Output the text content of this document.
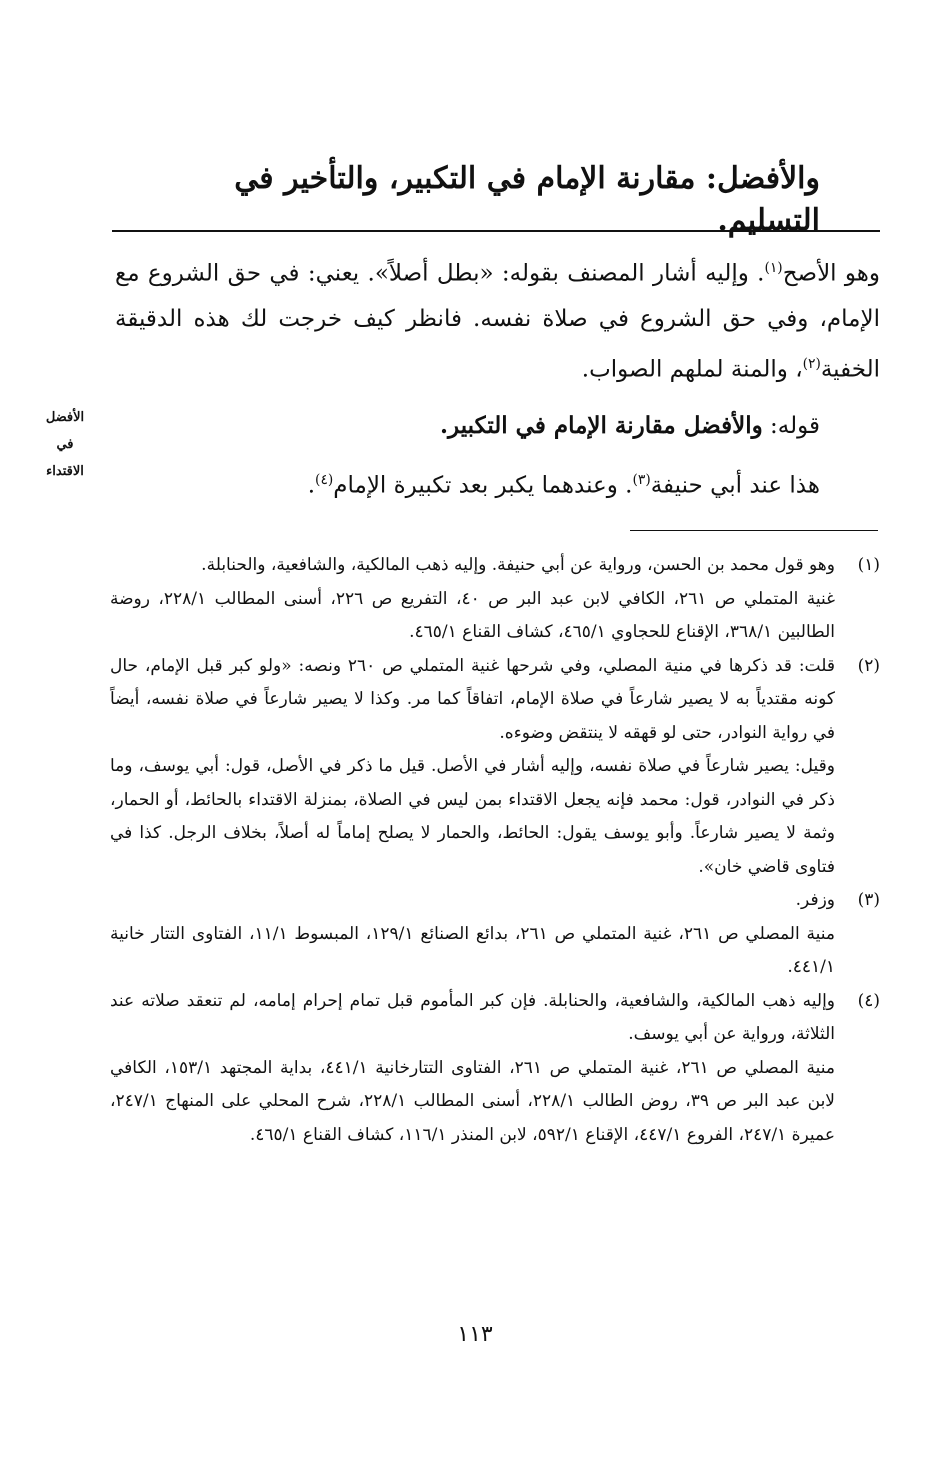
والأفضل: مقارنة الإمام في التكبير، والتأخير في التسليم.
وهو الأصح$^{(١)}$. وإليه أشار المصنف بقوله: «بطل أصلاً». يعني: في حق الشروع مع الإمام، وفي حق الشروع في صلاة نفسه. فانظر كيف خرجت لك هذه الدقيقة الخفية$^{(٢)}$، والمنة لملهم الصواب.
قوله: والأفضل مقارنة الإمام في التكبير.
هذا عند أبي حنيفة$^{(٣)}$. وعندهما يكبر بعد تكبيرة الإمام$^{(٤)}$.
الأفضل
في
الاقتداء
(١)
وهو قول محمد بن الحسن، ورواية عن أبي حنيفة. وإليه ذهب المالكية، والشافعية، والحنابلة.
غنية المتملي ص ٢٦١، الكافي لابن عبد البر ص ٤٠، التفريع ص ٢٢٦، أسنى المطالب ٢٢٨/١، روضة الطالبين ٣٦٨/١، الإقناع للحجاوي ٤٦٥/١، كشاف القناع ٤٦٥/١.
(٢)
قلت: قد ذكرها في منية المصلي، وفي شرحها غنية المتملي ص ٢٦٠ ونصه: «ولو كبر قبل الإمام، حال كونه مقتدياً به لا يصير شارعاً في صلاة الإمام، اتفاقاً كما مر. وكذا لا يصير شارعاً في صلاة نفسه، أيضاً في رواية النوادر، حتى لو قهقه لا ينتقض وضوءه.
وقيل: يصير شارعاً في صلاة نفسه، وإليه أشار في الأصل. قيل ما ذكر في الأصل، قول: أبي يوسف، وما ذكر في النوادر، قول: محمد فإنه يجعل الاقتداء بمن ليس في الصلاة، بمنزلة الاقتداء بالحائط، أو الحمار، وثمة لا يصير شارعاً. وأبو يوسف يقول: الحائط، والحمار لا يصلح إماماً له أصلاً، بخلاف الرجل. كذا في فتاوى قاضي خان».
(٣)
وزفر.
منية المصلي ص ٢٦١، غنية المتملي ص ٢٦١، بدائع الصنائع ١٢٩/١، المبسوط ١١/١، الفتاوى التتار خانية ٤٤١/١.
(٤)
وإليه ذهب المالكية، والشافعية، والحنابلة. فإن كبر المأموم قبل تمام إحرام إمامه، لم تنعقد صلاته عند الثلاثة، ورواية عن أبي يوسف.
منية المصلي ص ٢٦١، غنية المتملي ص ٢٦١، الفتاوى التتارخانية ٤٤١/١، بداية المجتهد ١٥٣/١، الكافي لابن عبد البر ص ٣٩، روض الطالب ٢٢٨/١، أسنى المطالب ٢٢٨/١، شرح المحلي على المنهاج ٢٤٧/١، عميرة ٢٤٧/١، الفروع ٤٤٧/١، الإقناع ٥٩٢/١، لابن المنذر ١١٦/١، كشاف القناع ٤٦٥/١.
١١٣
